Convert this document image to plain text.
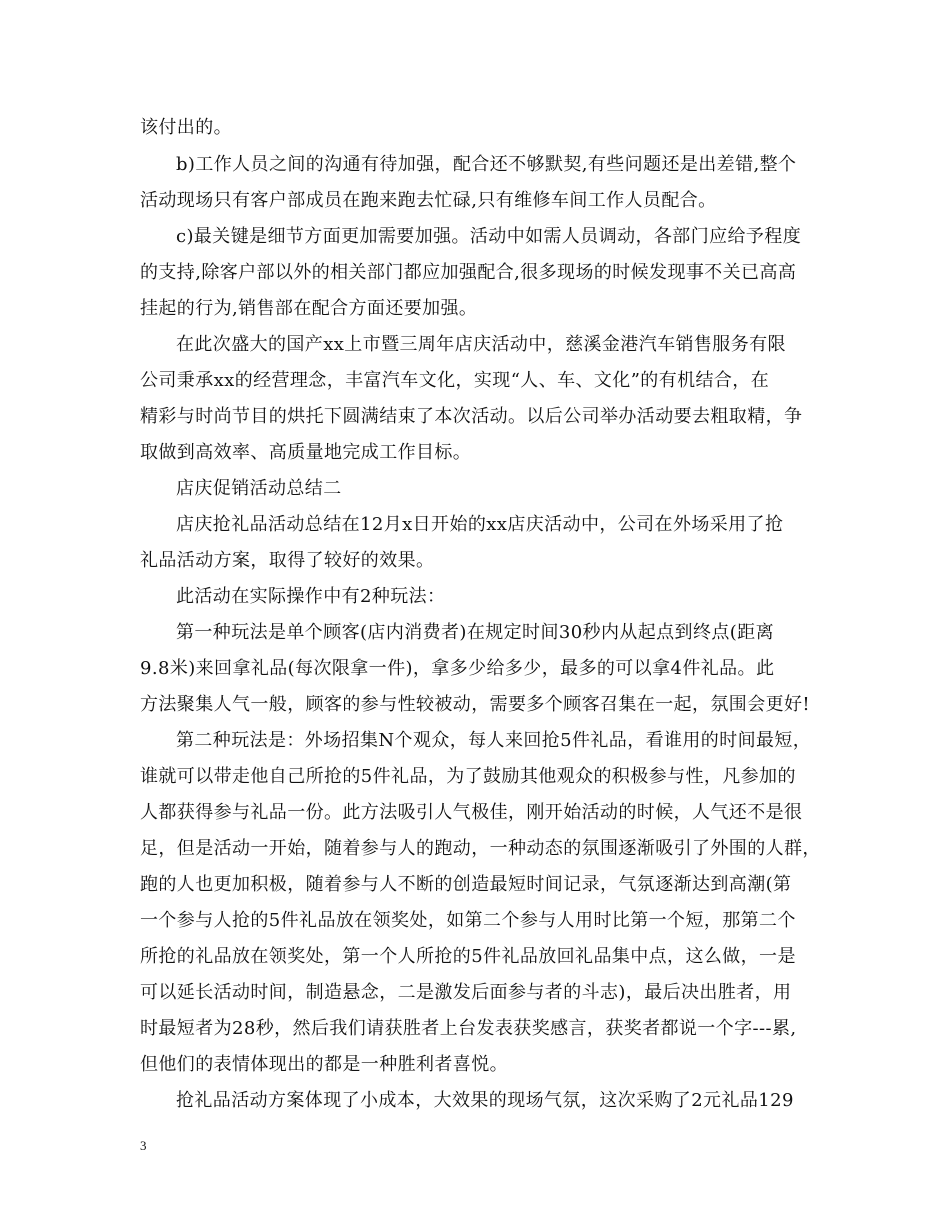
该付出的。
b)工作人员之间的沟通有待加强，配合还不够默契,有些问题还是出差错,整个
活动现场只有客户部成员在跑来跑去忙碌,只有维修车间工作人员配合。
c)最关键是细节方面更加需要加强。活动中如需人员调动，各部门应给予程度
的支持,除客户部以外的相关部门都应加强配合,很多现场的时候发现事不关已高高
挂起的行为,销售部在配合方面还要加强。
在此次盛大的国产xx上市暨三周年店庆活动中，慈溪金港汽车销售服务有限
公司秉承xx的经营理念，丰富汽车文化，实现“人、车、文化”的有机结合，在
精彩与时尚节目的烘托下圆满结束了本次活动。以后公司举办活动要去粗取精，争
取做到高效率、高质量地完成工作目标。
店庆促销活动总结二
店庆抢礼品活动总结在12月x日开始的xx店庆活动中，公司在外场采用了抢
礼品活动方案，取得了较好的效果。
此活动在实际操作中有2种玩法：
第一种玩法是单个顾客(店内消费者)在规定时间30秒内从起点到终点(距离
9.8米)来回拿礼品(每次限拿一件)，拿多少给多少，最多的可以拿4件礼品。此
方法聚集人气一般，顾客的参与性较被动，需要多个顾客召集在一起，氛围会更好!
第二种玩法是：外场招集N个观众，每人来回抢5件礼品，看谁用的时间最短，
谁就可以带走他自己所抢的5件礼品，为了鼓励其他观众的积极参与性，凡参加的
人都获得参与礼品一份。此方法吸引人气极佳，刚开始活动的时候，人气还不是很
足，但是活动一开始，随着参与人的跑动，一种动态的氛围逐渐吸引了外围的人群，
跑的人也更加积极，随着参与人不断的创造最短时间记录，气氛逐渐达到高潮(第
一个参与人抢的5件礼品放在领奖处，如第二个参与人用时比第一个短，那第二个
所抢的礼品放在领奖处，第一个人所抢的5件礼品放回礼品集中点，这么做，一是
可以延长活动时间，制造悬念，二是激发后面参与者的斗志)，最后决出胜者，用
时最短者为28秒，然后我们请获胜者上台发表获奖感言，获奖者都说一个字---累,
但他们的表情体现出的都是一种胜利者喜悦。
抢礼品活动方案体现了小成本，大效果的现场气氛，这次采购了2元礼品129
3
